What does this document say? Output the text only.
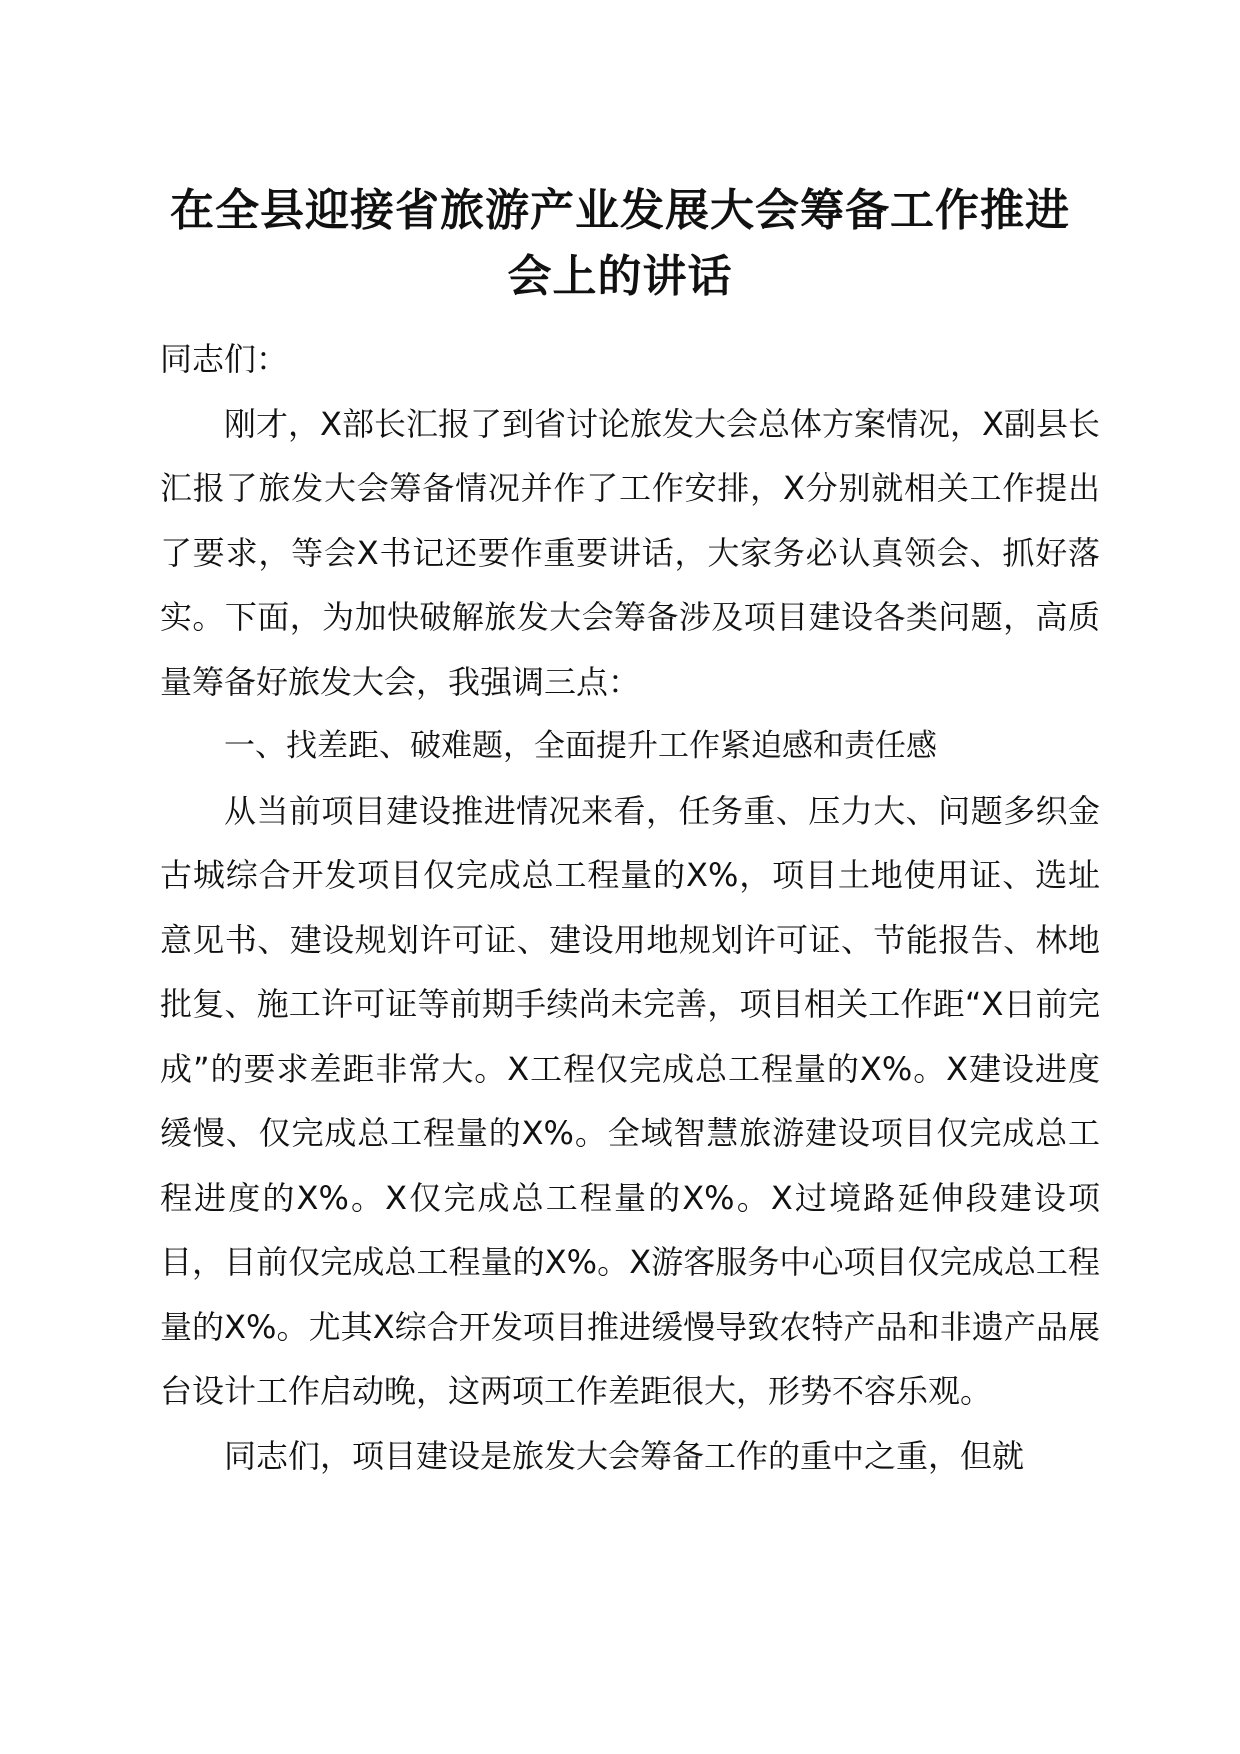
在全县迎接省旅游产业发展大会筹备工作推进
会上的讲话

同志们：

刚才，X部长汇报了到省讨论旅发大会总体方案情况，X副县长汇报了旅发大会筹备情况并作了工作安排，X分别就相关工作提出了要求，等会X书记还要作重要讲话，大家务必认真领会、抓好落实。下面，为加快破解旅发大会筹备涉及项目建设各类问题，高质量筹备好旅发大会，我强调三点：

一、找差距、破难题，全面提升工作紧迫感和责任感

从当前项目建设推进情况来看，任务重、压力大、问题多织金古城综合开发项目仅完成总工程量的X%，项目土地使用证、选址意见书、建设规划许可证、建设用地规划许可证、节能报告、林地批复、施工许可证等前期手续尚未完善，项目相关工作距“X日前完成”的要求差距非常大。X工程仅完成总工程量的X%。X建设进度缓慢、仅完成总工程量的X%。全域智慧旅游建设项目仅完成总工程进度的X%。X仅完成总工程量的X%。X过境路延伸段建设项目，目前仅完成总工程量的X%。X游客服务中心项目仅完成总工程量的X%。尤其X综合开发项目推进缓慢导致农特产品和非遗产品展台设计工作启动晚，这两项工作差距很大，形势不容乐观。

同志们，项目建设是旅发大会筹备工作的重中之重，但就
